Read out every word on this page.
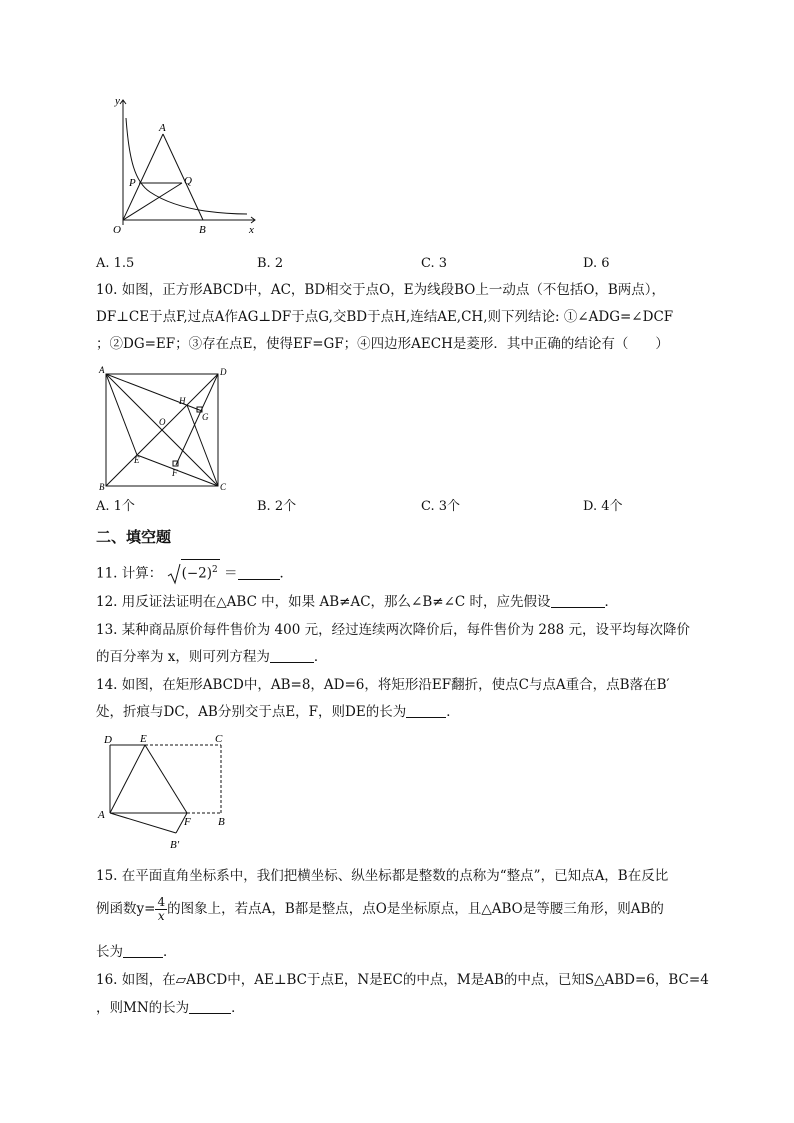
y
x
O
A
B
P	Q
A. 1.5	B. 2	C. 3	D. 6
10. 如图，正方形ABCD中，AC，BD相交于点O，E为线段BO上一动点（不包括O，B两点），
DF⊥CE于点F,过点A作AG⊥DF于点G,交BD于点H,连结AE,CH,则下列结论: ①∠ADG=∠DCF
；②DG=EF；③存在点E，使得EF=GF；④四边形AECH是菱形．其中正确的结论有（　　）
A
B	C
D
O
E
F
G
H
A. 1个	B. 2个	C. 3个	D. 4个
二、填空题
11. 计算： $(-2)^2$ ＝	．
12. 用反证法证明在△ABC 中，如果 AB≠AC，那么∠B≠∠C 时，应先假设	．
13. 某种商品原价每件售价为 400 元，经过连续两次降价后，每件售价为 288 元，设平均每次降价
的百分率为 x，则可列方程为	．
14. 如图，在矩形ABCD中，AB=8，AD=6，将矩形沿EF翻折，使点C与点A重合，点B落在B′
处，折痕与DC，AB分别交于点E，F，则DE的长为	．
D	E	C
A
F B
B′
15. 在平面直角坐标系中，我们把横坐标、纵坐标都是整数的点称为“整点”，已知点A，B在反比
例函数$y= \frac{4}{x}$ 的图象上，若点A，B都是整点，点O是坐标原点，且△ABO是等腰三角形，则AB的
长为	．
16. 如图，在▱ABCD中，AE⊥BC于点E，N是EC的中点，M是AB的中点，已知S△ABD=6，BC=4
，则MN的长为	．
